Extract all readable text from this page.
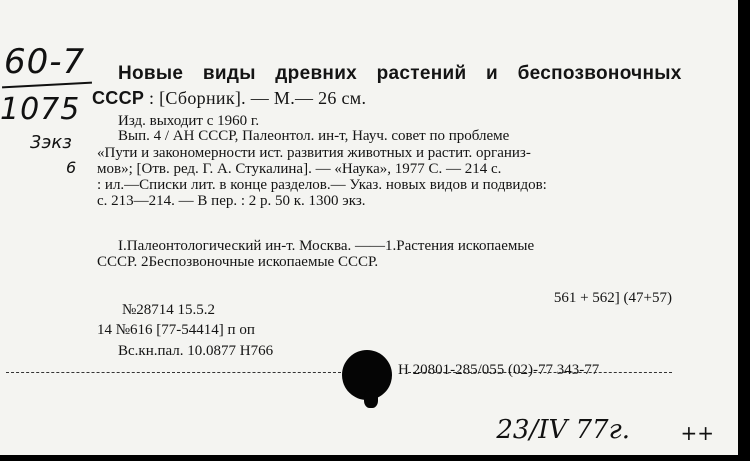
60-7
1075
3экз
6
Новые виды древних растений и беспозвоночных
СССР : [Сборник]. — М.— 26 см.
Изд. выходит с 1960 г.
Вып. 4 / АН СССР, Палеонтол. ин-т, Науч. совет по проблеме
«Пути и закономерности ист. развития животных и растит. организ-
мов»; [Отв. ред. Г. А. Стукалина]. — «Наука», 1977 С. — 214 с.
: ил.—Списки лит. в конце разделов.— Указ. новых видов и подвидов:
с. 213—214. — В пер. : 2 р. 50 к. 1300 экз.
I.Палеонтологический ин-т. Москва. ——1.Растения ископаемые
СССР. 2Беспозвоночные ископаемые СССР.
561 + 562] (47+57)
№28714 15.5.2
14 №616 [77-54414] п оп
Вс.кн.пал. 10.0877 Н766
Н 20801-285/055 (02)-77 343-77
23/IV 77г.	++
